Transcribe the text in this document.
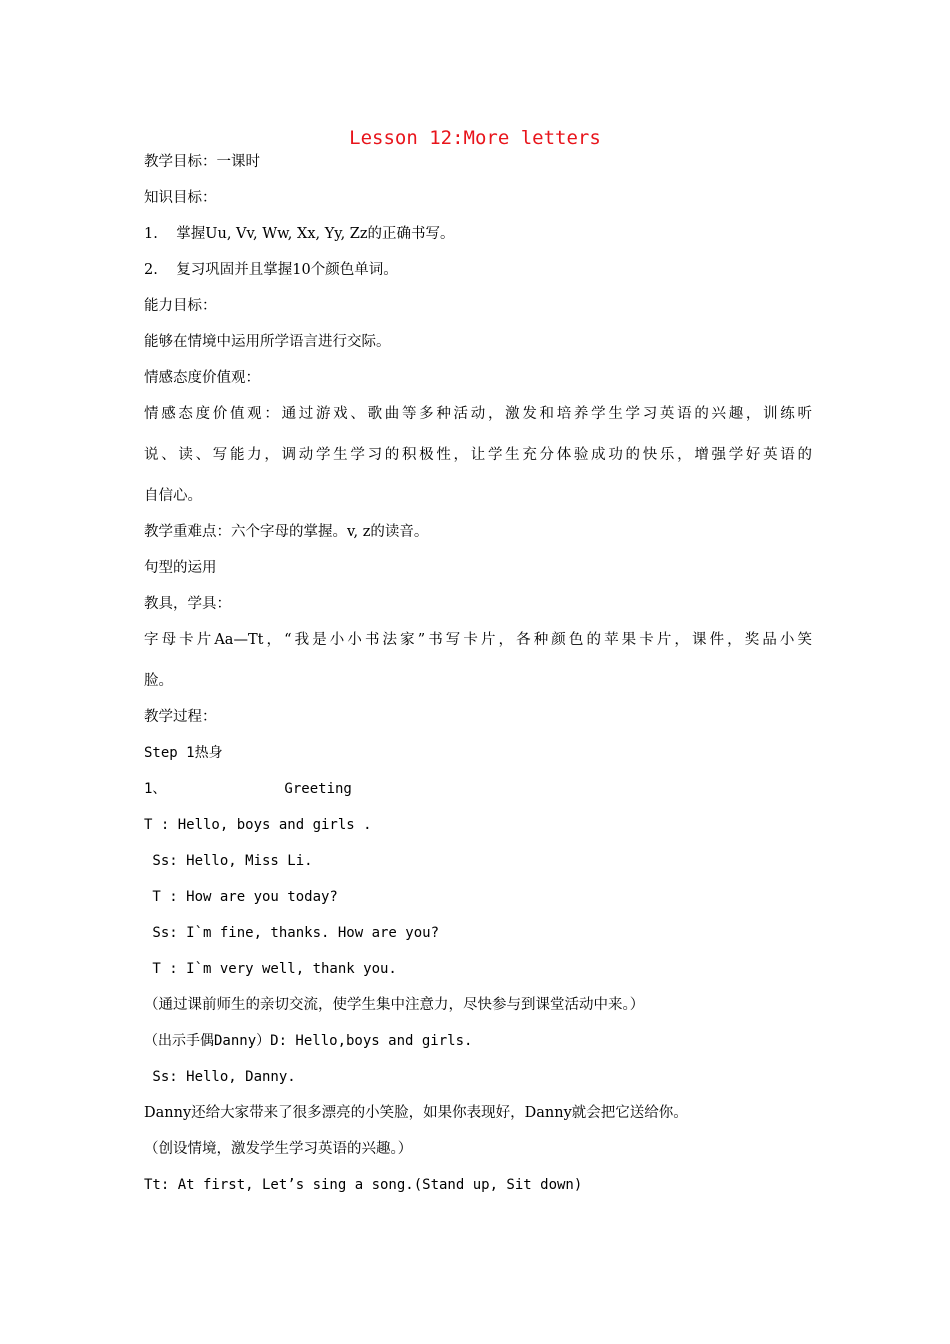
Lesson 12:More letters
教学目标：一课时
知识目标：
1.    掌握Uu, Vv, Ww, Xx, Yy, Zz的正确书写。
2.    复习巩固并且掌握10个颜色单词。
能力目标：
能够在情境中运用所学语言进行交际。
情感态度价值观：
情感态度价值观：通过游戏、歌曲等多种活动，激发和培养学生学习英语的兴趣，训练听
说、读、写能力，调动学生学习的积极性，让学生充分体验成功的快乐，增强学好英语的
自信心。
教学重难点：六个字母的掌握。v, z的读音。
句型的运用
教具，学具：
字母卡片Aa—Tt，“我是小小书法家”书写卡片，各种颜色的苹果卡片，课件，奖品小笑
脸。
教学过程：
Step 1热身
1、              Greeting
T : Hello, boys and girls .
Ss: Hello, Miss Li.
T : How are you today?
Ss: I`m fine, thanks. How are you?
T : I`m very well, thank you.
（通过课前师生的亲切交流，使学生集中注意力，尽快参与到课堂活动中来。）
（出示手偶Danny）D: Hello,boys and girls.
Ss: Hello, Danny.
Danny还给大家带来了很多漂亮的小笑脸，如果你表现好，Danny就会把它送给你。
（创设情境，激发学生学习英语的兴趣。）
Tt: At first, Let’s sing a song.(Stand up, Sit down)
